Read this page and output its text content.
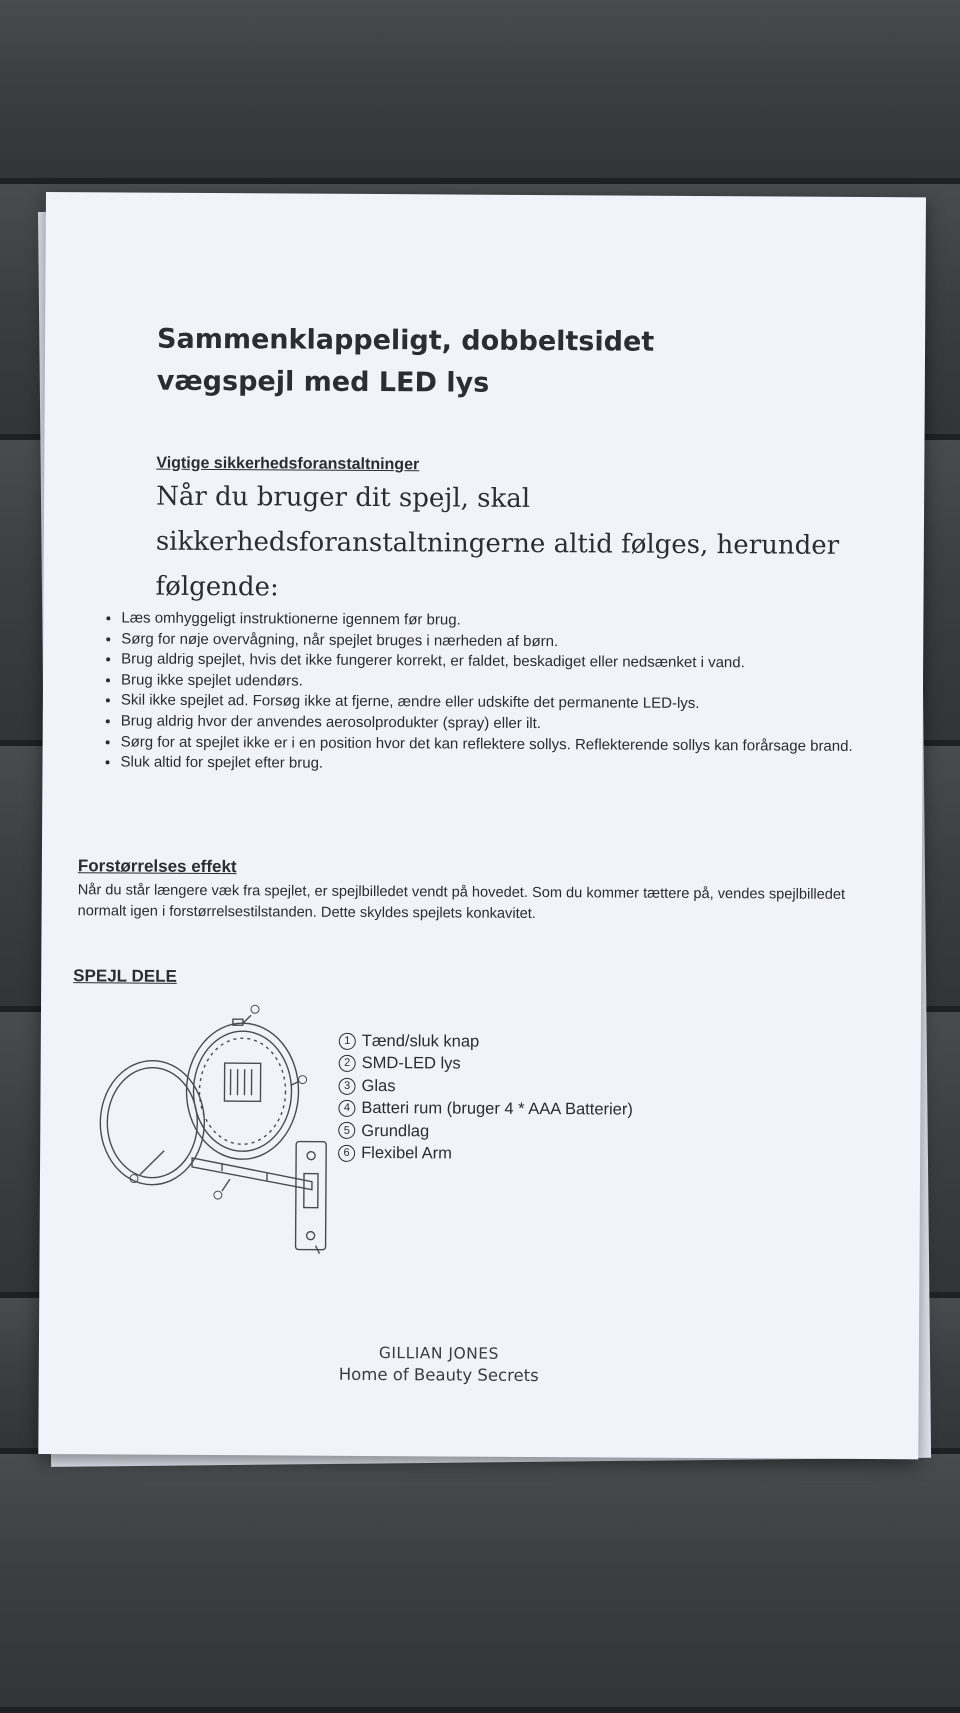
Sammenklappeligt, dobbeltsidet
vægspejl med LED lys
Vigtige sikkerhedsforanstaltninger

Når du bruger dit spejl, skal sikkerhedsforanstaltningerne altid følges, herunder følgende:

• Læs omhyggeligt instruktionerne igennem før brug.
• Sørg for nøje overvågning, når spejlet bruges i nærheden af børn.
• Brug aldrig spejlet, hvis det ikke fungerer korrekt, er faldet, beskadiget eller nedsænket i vand.
• Brug ikke spejlet udendørs.
• Skil ikke spejlet ad. Forsøg ikke at fjerne, ændre eller udskifte det permanente LED-lys.
• Brug aldrig hvor der anvendes aerosolprodukter (spray) eller ilt.
• Sørg for at spejlet ikke er i en position hvor det kan reflektere sollys. Reflekterende sollys kan forårsage brand.
• Sluk altid for spejlet efter brug.
Forstørrelses effekt

Når du står længere væk fra spejlet, er spejlbilledet vendt på hovedet. Som du kommer tættere på, vendes spejlbilledet normalt igen i forstørrelsestilstanden. Dette skyldes spejlets konkavitet.

SPEJL DELE
1 Tænd/sluk knap
2 SMD-LED lys
3 Glas
4 Batteri rum (bruger 4 * AAA Batterier)
5 Grundlag
6 Flexibel Arm
GILLIAN JONES
Home of Beauty Secrets
